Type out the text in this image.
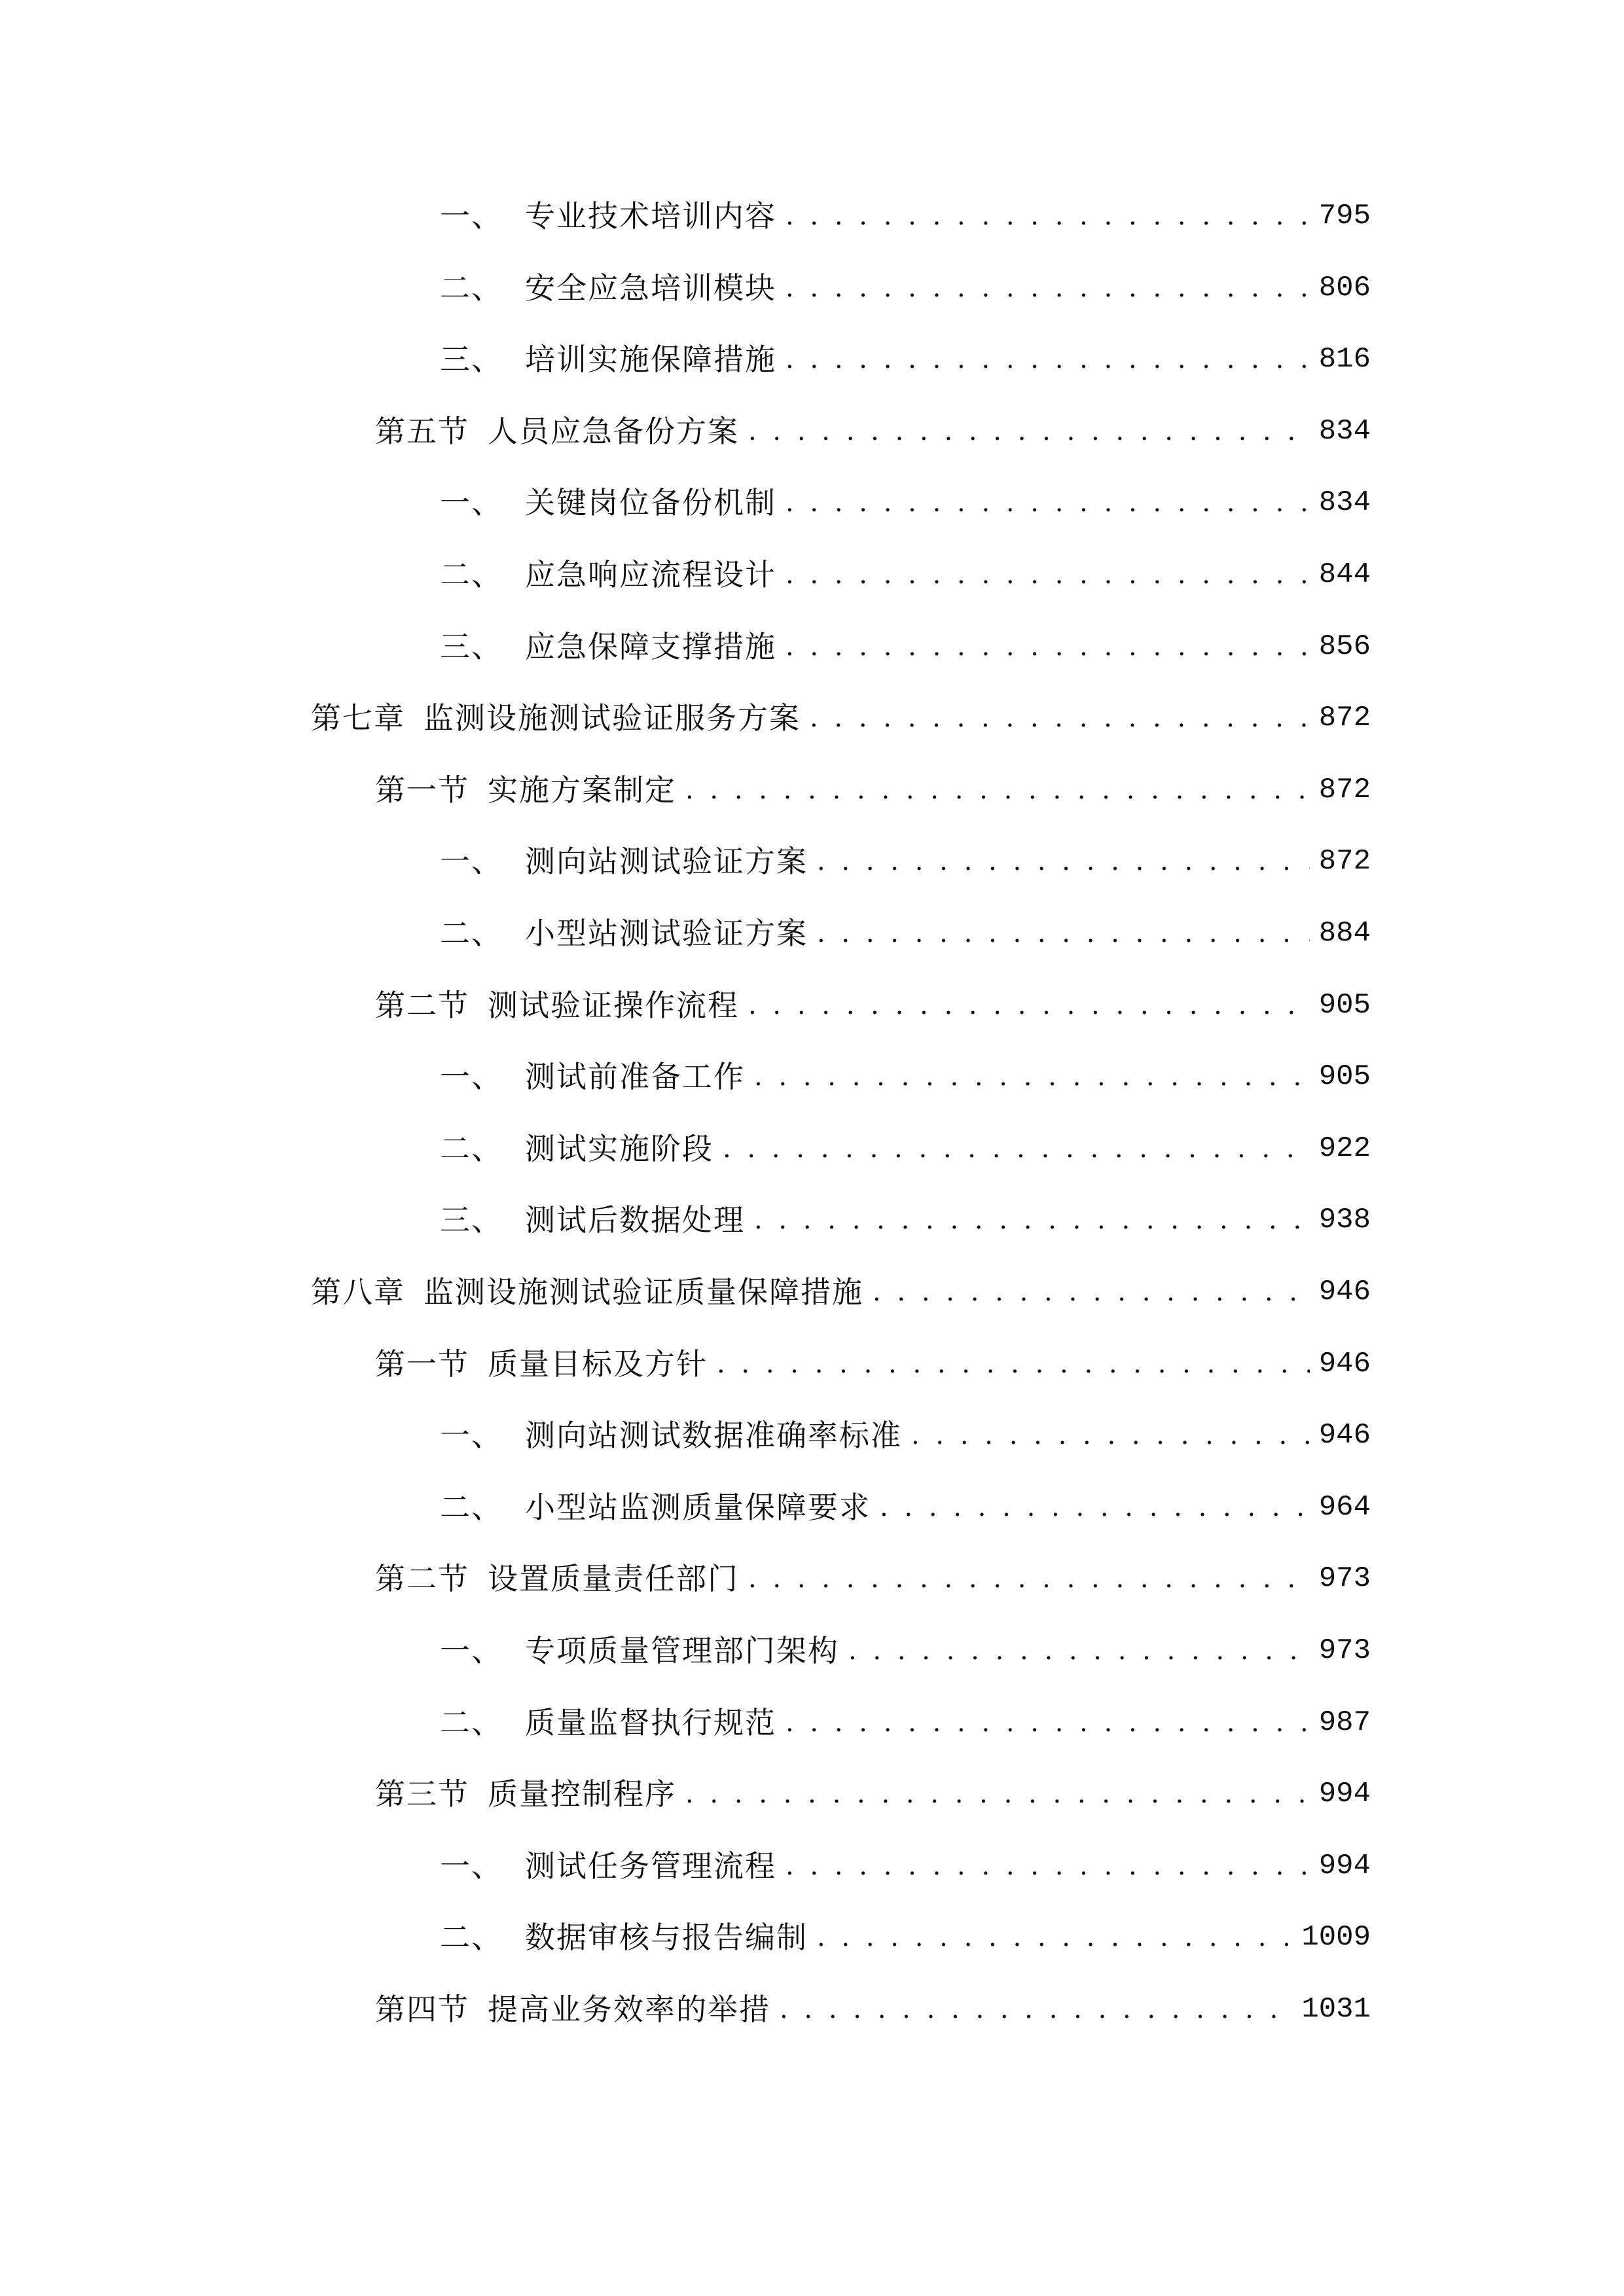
一、 专业技术培训内容 . . .	795
二、 安全应急培训模块 . . .	806
三、 培训实施保障措施 . . .	816
第五节 人员应急备份方案 . . .	834
一、 关键岗位备份机制 . . .	834
二、 应急响应流程设计 . . .	844
三、 应急保障支撑措施 . . .	856
第七章 监测设施测试验证服务方案 . . .	872
第一节 实施方案制定 . . .	872
一、 测向站测试验证方案 . . .	872
二、 小型站测试验证方案 . . .	884
第二节 测试验证操作流程 . . .	905
一、 测试前准备工作 . . .	905
二、 测试实施阶段 . . .	922
三、 测试后数据处理 . . .	938
第八章 监测设施测试验证质量保障措施 . . .	946
第一节 质量目标及方针 . . .	946
一、 测向站测试数据准确率标准 . . .	946
二、 小型站监测质量保障要求 . . .	964
第二节 设置质量责任部门 . . .	973
一、 专项质量管理部门架构 . . .	973
二、 质量监督执行规范 . . .	987
第三节 质量控制程序 . . .	994
一、 测试任务管理流程 . . .	994
二、 数据审核与报告编制 . . .	1009
第四节 提高业务效率的举措 . . .	1031
